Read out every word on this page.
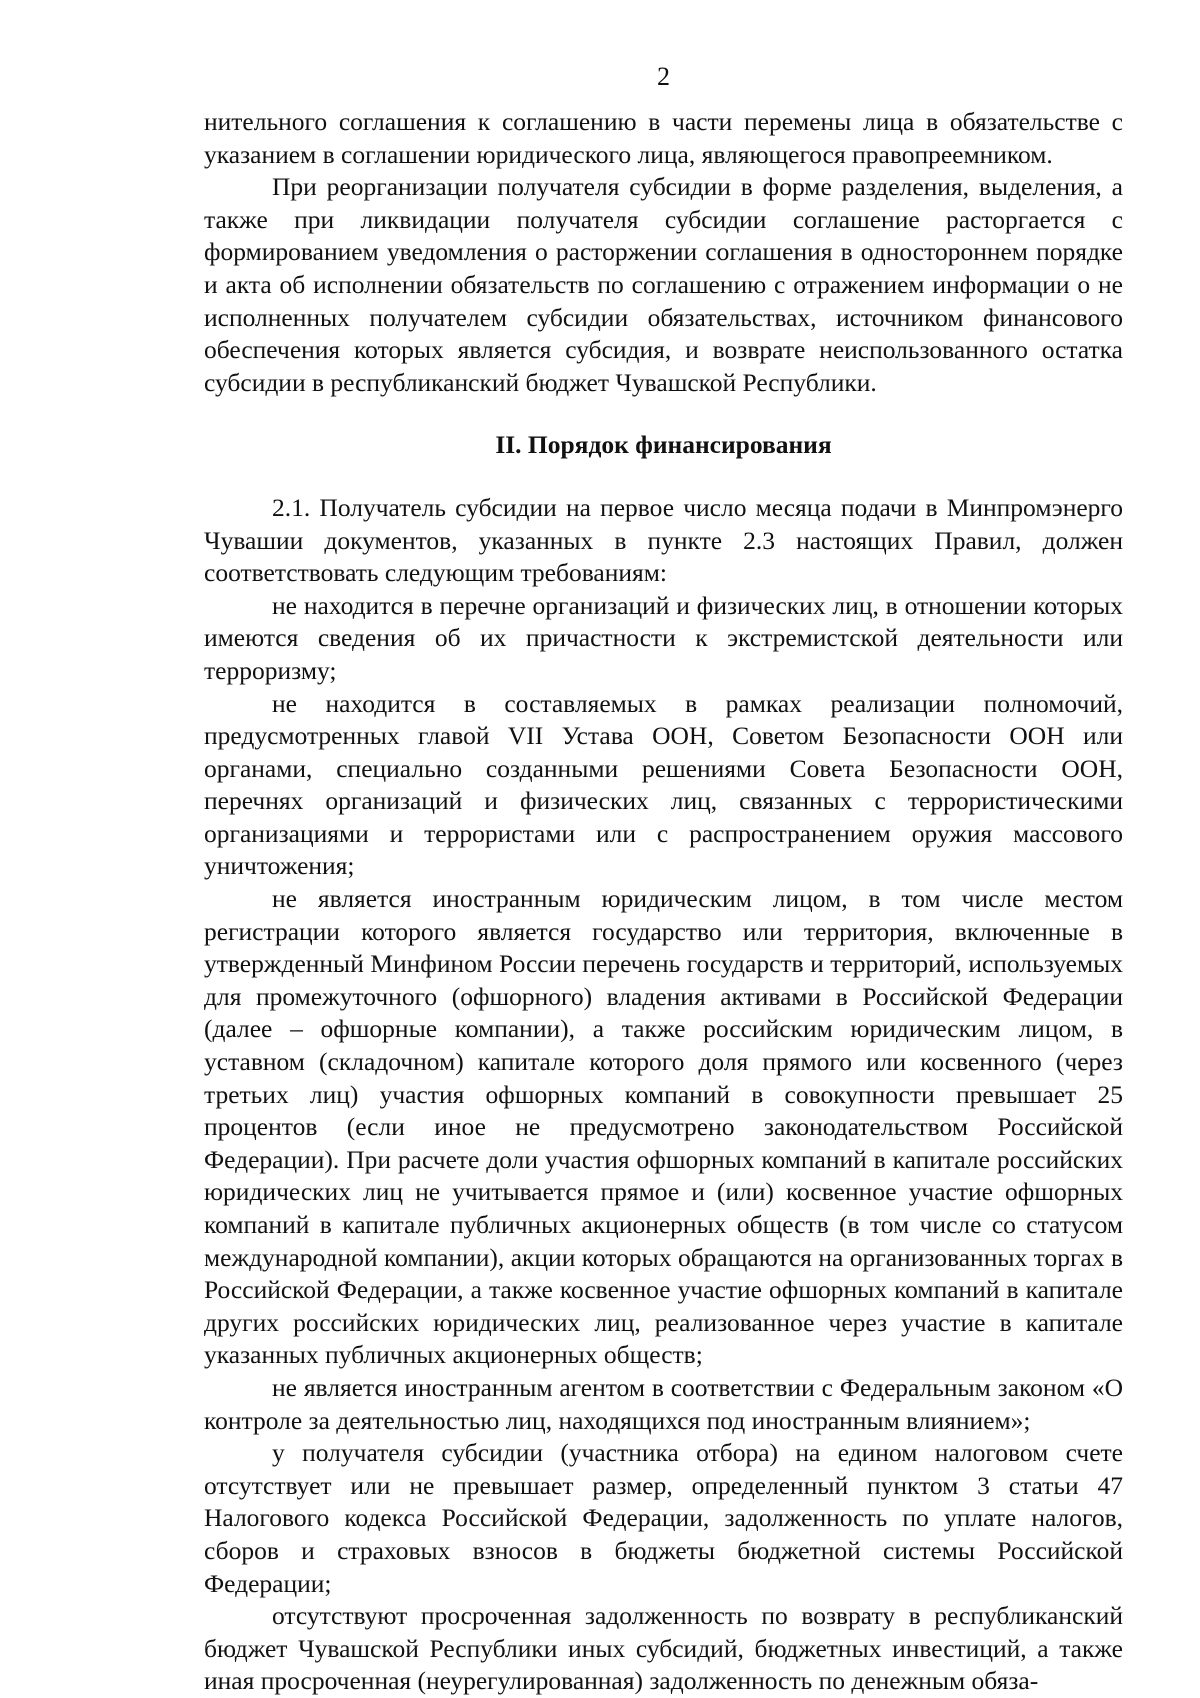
2

нительного соглашения к соглашению в части перемены лица в обязательстве с указанием в соглашении юридического лица, являющегося правопреемником.

При реорганизации получателя субсидии в форме разделения, выделения, а также при ликвидации получателя субсидии соглашение расторгается с формированием уведомления о расторжении соглашения в одностороннем порядке и акта об исполнении обязательств по соглашению с отражением информации о не исполненных получателем субсидии обязательствах, источником финансового обеспечения которых является субсидия, и возврате неиспользованного остатка субсидии в республиканский бюджет Чувашской Республики.

II. Порядок финансирования

2.1. Получатель субсидии на первое число месяца подачи в Минпромэнерго Чувашии документов, указанных в пункте 2.3 настоящих Правил, должен соответствовать следующим требованиям:

не находится в перечне организаций и физических лиц, в отношении которых имеются сведения об их причастности к экстремистской деятельности или терроризму;

не находится в составляемых в рамках реализации полномочий, предусмотренных главой VII Устава ООН, Советом Безопасности ООН или органами, специально созданными решениями Совета Безопасности ООН, перечнях организаций и физических лиц, связанных с террористическими организациями и террористами или с распространением оружия массового уничтожения;

не является иностранным юридическим лицом, в том числе местом регистрации которого является государство или территория, включенные в утвержденный Минфином России перечень государств и территорий, используемых для промежуточного (офшорного) владения активами в Российской Федерации (далее – офшорные компании), а также российским юридическим лицом, в уставном (складочном) капитале которого доля прямого или косвенного (через третьих лиц) участия офшорных компаний в совокупности превышает 25 процентов (если иное не предусмотрено законодательством Российской Федерации). При расчете доли участия офшорных компаний в капитале российских юридических лиц не учитывается прямое и (или) косвенное участие офшорных компаний в капитале публичных акционерных обществ (в том числе со статусом международной компании), акции которых обращаются на организованных торгах в Российской Федерации, а также косвенное участие офшорных компаний в капитале других российских юридических лиц, реализованное через участие в капитале указанных публичных акционерных обществ;

не является иностранным агентом в соответствии с Федеральным законом «О контроле за деятельностью лиц, находящихся под иностранным влиянием»;

у получателя субсидии (участника отбора) на едином налоговом счете отсутствует или не превышает размер, определенный пунктом 3 статьи 47 Налогового кодекса Российской Федерации, задолженность по уплате налогов, сборов и страховых взносов в бюджеты бюджетной системы Российской Федерации;

отсутствуют просроченная задолженность по возврату в республиканский бюджет Чувашской Республики иных субсидий, бюджетных инвестиций, а также иная просроченная (неурегулированная) задолженность по денежным обяза-
